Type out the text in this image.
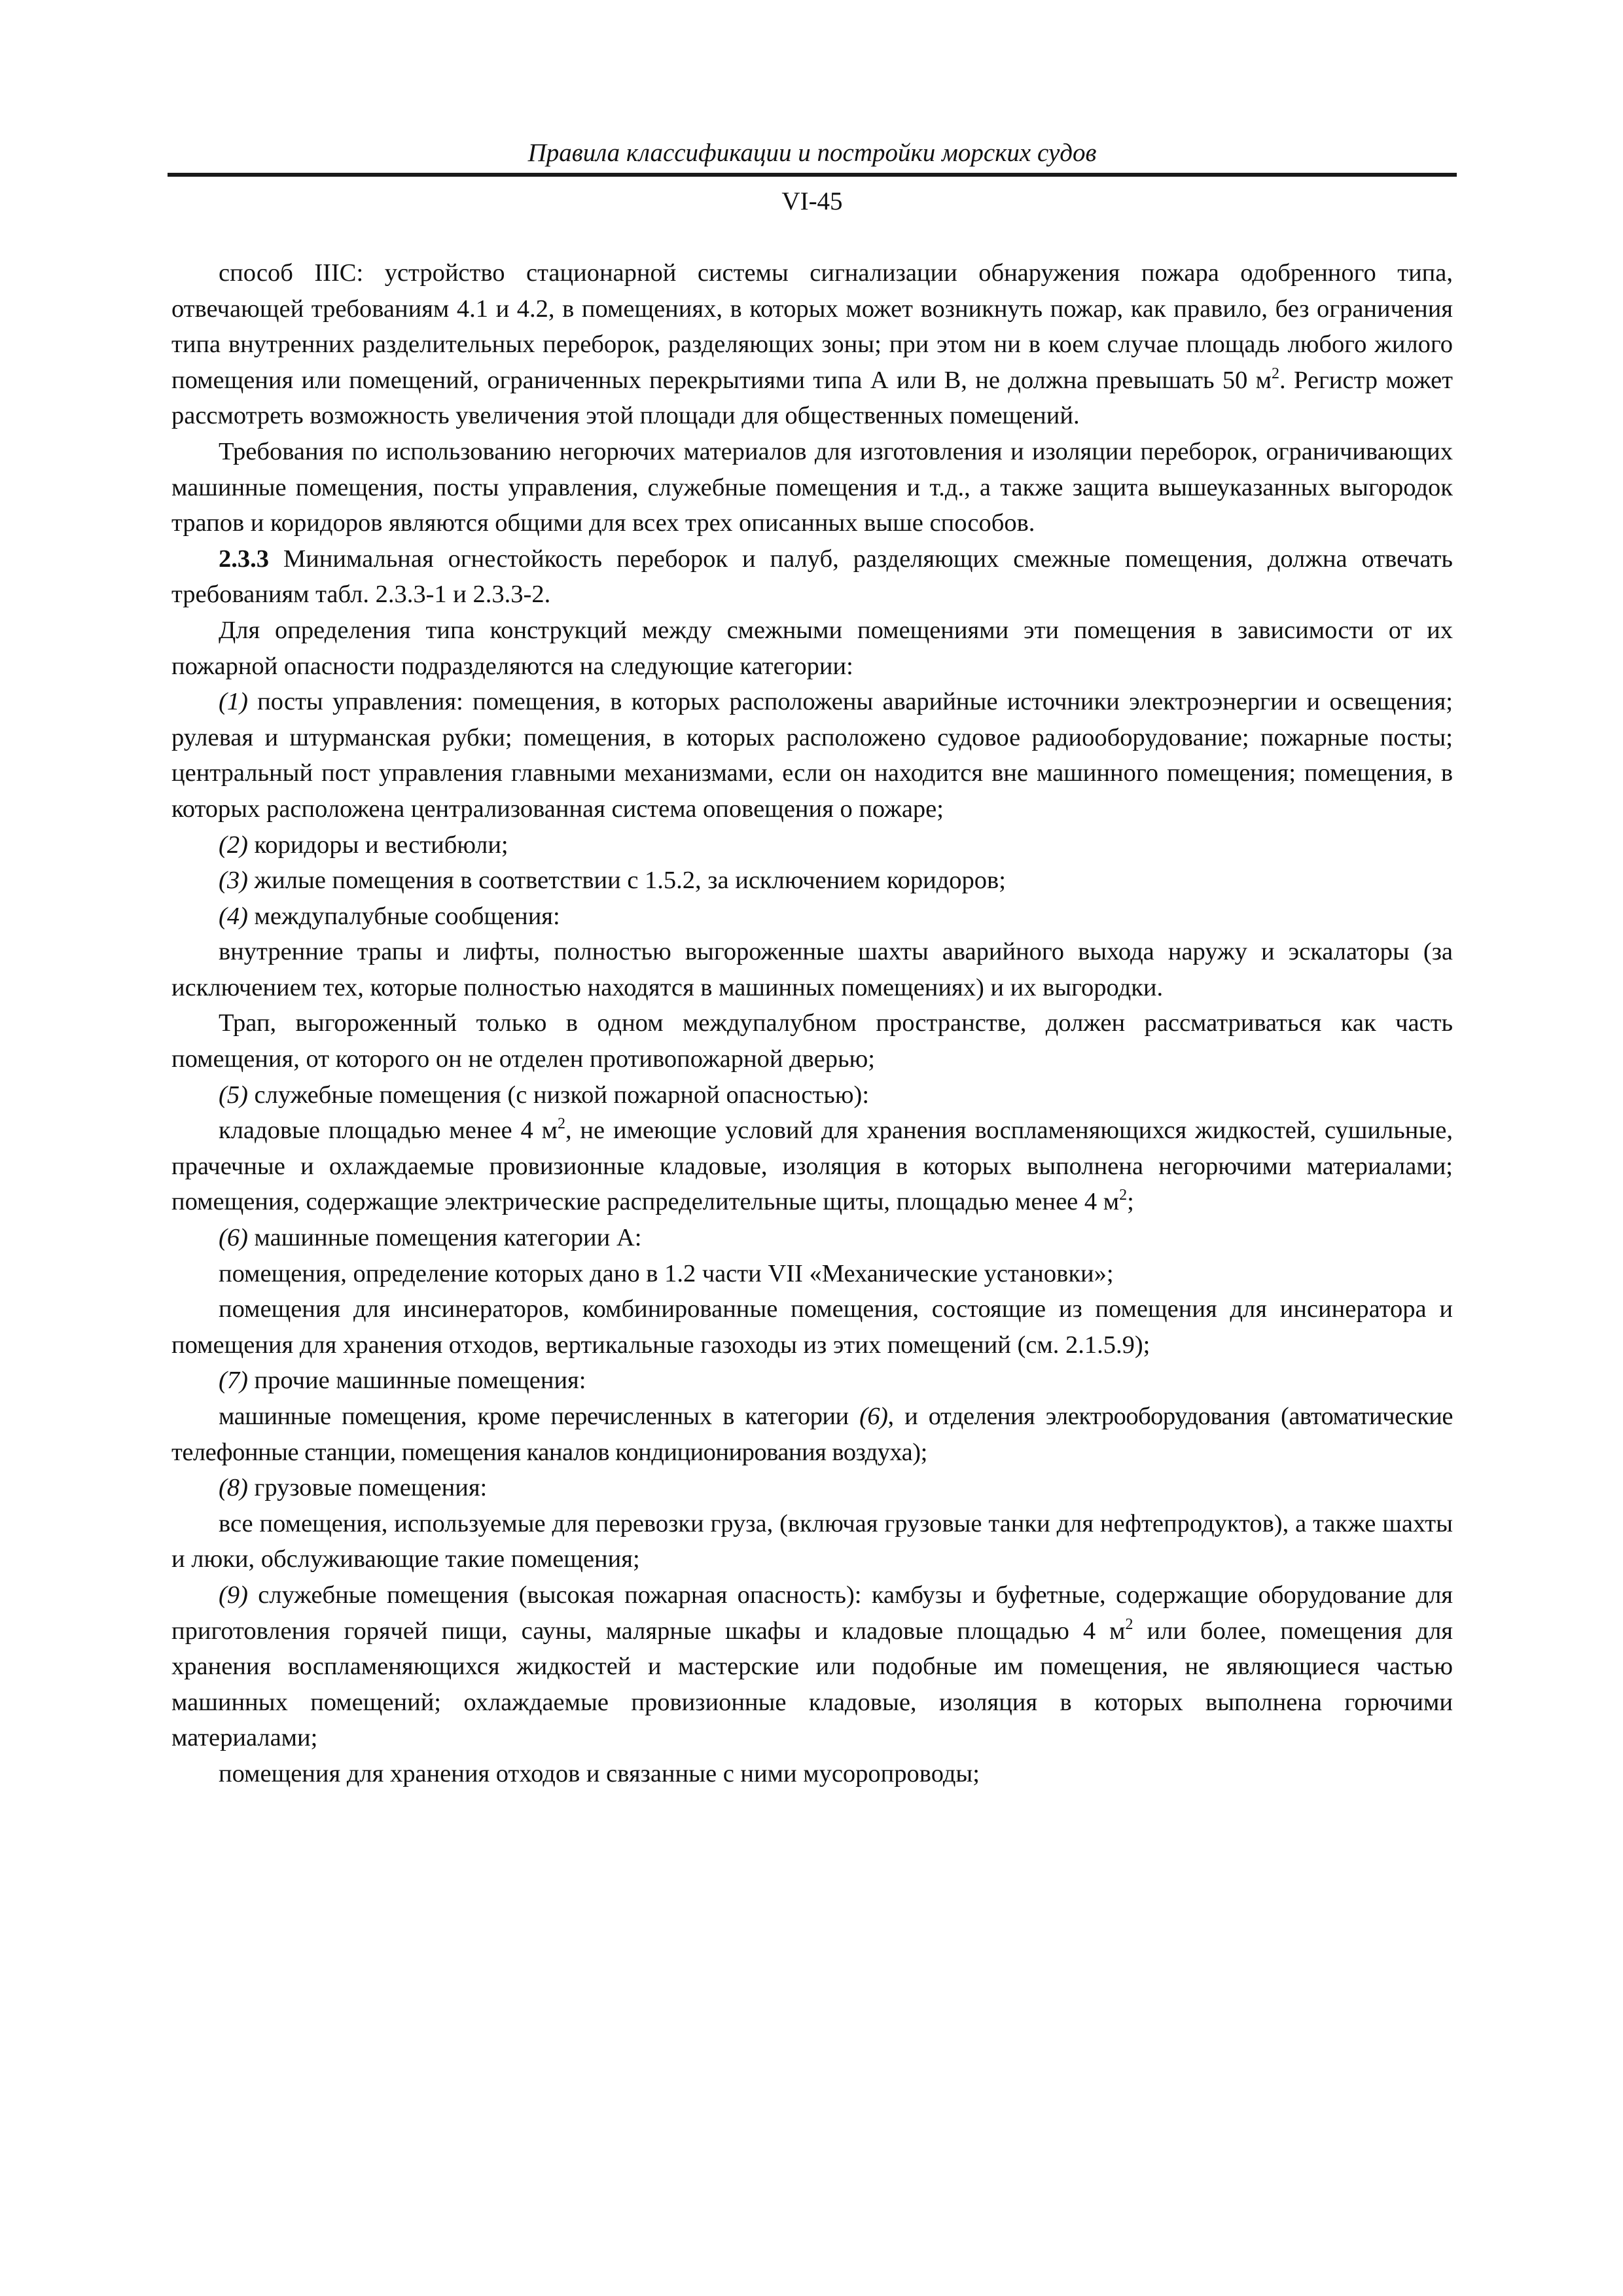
Правила классификации и постройки морских судов
VI-45

способ IIIС: устройство стационарной системы сигнализации обнаружения пожара одобренного типа, отвечающей требованиям 4.1 и 4.2, в помещениях, в которых может возникнуть пожар, как правило, без ограничения типа внутренних разделительных переборок, разделяющих зоны; при этом ни в коем случае площадь любого жилого помещения или помещений, ограниченных перекрытиями типа А или В, не должна превышать 50 $м^2$. Регистр может рассмотреть возможность увеличения этой площади для общественных помещений.

Требования по использованию негорючих материалов для изготовления и изоляции переборок, ограничивающих машинные помещения, посты управления, служебные помещения и т.д., а также защита вышеуказанных выгородок трапов и коридоров являются общими для всех трех описанных выше способов.

2.3.3 Минимальная огнестойкость переборок и палуб, разделяющих смежные помещения, должна отвечать требованиям табл. 2.3.3-1 и 2.3.3-2.

Для определения типа конструкций между смежными помещениями эти помещения в зависимости от их пожарной опасности подразделяются на следующие категории:

(1) посты управления: помещения, в которых расположены аварийные источники электроэнергии и освещения; рулевая и штурманская рубки; помещения, в которых расположено судовое радиооборудование; пожарные посты; центральный пост управления главными механизмами, если он находится вне машинного помещения; помещения, в которых расположена централизованная система оповещения о пожаре;

(2) коридоры и вестибюли;

(3) жилые помещения в соответствии с 1.5.2, за исключением коридоров;

(4) междупалубные сообщения:

внутренние трапы и лифты, полностью выгороженные шахты аварийного выхода наружу и эскалаторы (за исключением тех, которые полностью находятся в машинных помещениях) и их выгородки.

Трап, выгороженный только в одном междупалубном пространстве, должен рассматриваться как часть помещения, от которого он не отделен противопожарной дверью;

(5) служебные помещения (с низкой пожарной опасностью):

кладовые площадью менее 4 $м^2$, не имеющие условий для хранения воспламеняющихся жидкостей, сушильные, прачечные и охлаждаемые провизионные кладовые, изоляция в которых выполнена негорючими материалами; помещения, содержащие электрические распределительные щиты, площадью менее 4 $м^2$;

(6) машинные помещения категории А:

помещения, определение которых дано в 1.2 части VII «Механические установки»;

помещения для инсинераторов, комбинированные помещения, состоящие из помещения для инсинератора и помещения для хранения отходов, вертикальные газоходы из этих помещений (см. 2.1.5.9);

(7) прочие машинные помещения:

машинные помещения, кроме перечисленных в категории (6), и отделения электрооборудования (автоматические телефонные станции, помещения каналов кондиционирования воздуха);

(8) грузовые помещения:

все помещения, используемые для перевозки груза, (включая грузовые танки для нефтепродуктов), а также шахты и люки, обслуживающие такие помещения;

(9) служебные помещения (высокая пожарная опасность): камбузы и буфетные, содержащие оборудование для приготовления горячей пищи, сауны, малярные шкафы и кладовые площадью 4 $м^2$ или более, помещения для хранения воспламеняющихся жидкостей и мастерские или подобные им помещения, не являющиеся частью машинных помещений; охлаждаемые провизионные кладовые, изоляция в которых выполнена горючими материалами;

помещения для хранения отходов и связанные с ними мусоропроводы;
